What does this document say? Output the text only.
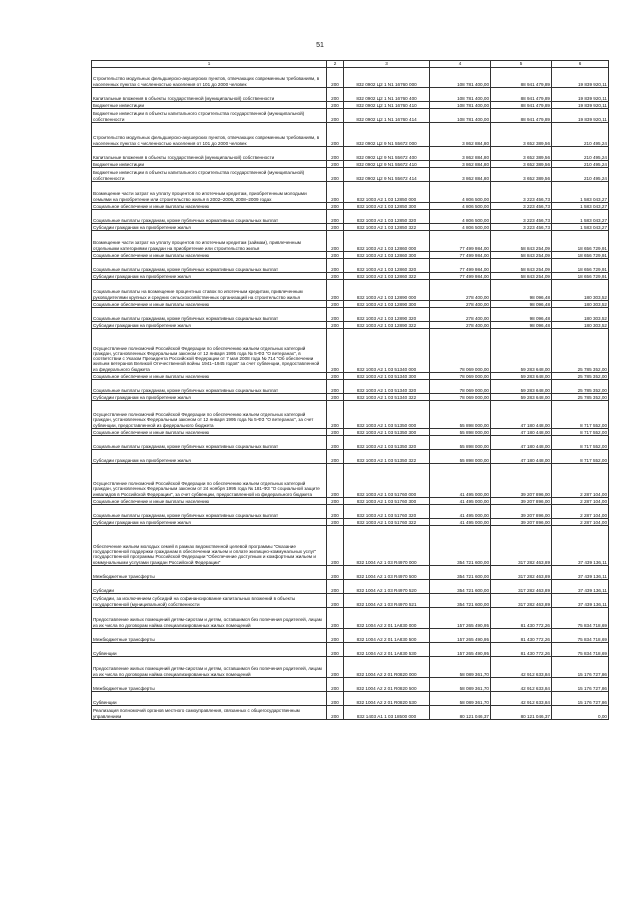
51
1	2	3	4	5	6
Строительство модульных фельдшерско-акушерских пунктов, отвечающих современным требованиям, в населенных пунктах с численностью населения от 101 до 2000 человек	200	832 0902 Ц2 1 N1 16760 000	108 781 400,00	88 941 479,89	19 839 920,11
Капитальные вложения в объекты государственной (муниципальной) собственности	200	832 0902 Ц2 1 N1 16760 400	108 781 400,00	88 941 479,89	19 839 920,11
Бюджетные инвестиции	200	832 0902 Ц2 1 N1 16760 410	108 781 400,00	88 941 479,89	19 839 920,11
Бюджетные инвестиции в объекты капитального строительства государственной (муниципальной) собственности	200	832 0902 Ц2 1 N1 16760 414	108 781 400,00	88 941 479,89	19 839 920,11
Строительство модульных фельдшерско-акушерских пунктов, отвечающих современным требованиям, в населенных пунктах с численностью населения от 101 до 2000 человек	200	832 0902 Ц2 9 N1 55672 000	3 862 884,80	3 652 389,56	210 495,24
Капитальные вложения в объекты государственной (муниципальной) собственности	200	832 0902 Ц2 9 N1 55672 400	3 862 884,80	3 652 389,56	210 495,24
Бюджетные инвестиции	200	832 0902 Ц2 9 N1 55672 410	3 862 884,80	3 652 389,56	210 495,24
Бюджетные инвестиции в объекты капитального строительства государственной (муниципальной) собственности	200	832 0902 Ц2 9 N1 55672 414	3 862 884,80	3 652 389,56	210 495,24
Возмещение части затрат на уплату процентов по ипотечным кредитам, приобретенным молодыми семьями на приобретение или строительство жилья в 2002–2006, 2008–2009 годах	200	832 1003 А2 1 03 12850 000	4 806 500,00	3 223 456,73	1 583 043,27
Социальное обеспечение и иные выплаты населению	200	832 1003 А2 1 03 12850 300	4 806 500,00	3 223 456,73	1 583 043,27
Социальные выплаты гражданам, кроме публичных нормативных социальных выплат	200	832 1003 А2 1 03 12850 320	4 806 500,00	3 223 456,73	1 583 043,27
Субсидии гражданам на приобретение жилья	200	832 1003 А2 1 03 12850 322	4 806 500,00	3 223 456,73	1 583 043,27
Возмещение части затрат на уплату процентов по ипотечным кредитам (займам), привлеченным отдельными категориями граждан на приобретение или строительство жилья	200	832 1003 А2 1 03 12860 000	77 499 984,00	58 843 254,09	18 656 729,91
Социальное обеспечение и иные выплаты населению	200	832 1003 А2 1 03 12860 300	77 499 984,00	58 843 254,09	18 656 729,91
Социальные выплаты гражданам, кроме публичных нормативных социальных выплат	200	832 1003 А2 1 03 12860 320	77 499 984,00	58 843 254,09	18 656 729,91
Субсидии гражданам на приобретение жилья	200	832 1003 А2 1 03 12860 322	77 499 984,00	58 843 254,09	18 656 729,91
Социальные выплаты на возмещение процентных ставок по ипотечным кредитам, привлеченным руководителями крупных и средних сельскохозяйственных организаций на строительство жилья	200	832 1003 А2 1 03 12890 000	278 400,00	98 096,48	180 303,52
Социальное обеспечение и иные выплаты населению	200	832 1003 А2 1 03 12890 300	278 400,00	98 096,48	180 303,52
Социальные выплаты гражданам, кроме публичных нормативных социальных выплат	200	832 1003 А2 1 03 12890 320	278 400,00	98 096,48	180 303,52
Субсидии гражданам на приобретение жилья	200	832 1003 А2 1 03 12890 322	278 400,00	98 096,48	180 303,52
Осуществление полномочий Российской Федерации по обеспечению жильем отдельных категорий граждан, установленных Федеральным законом от 12 января 1995 года № 5-ФЗ "О ветеранах", в соответствии с Указом Президента Российской Федерации от 7 мая 2008 года № 714 "Об обеспечении жильем ветеранов Великой Отечественной войны 1941–1945 годов" за счет субвенции, предоставленной из федерального бюджета	200	832 1003 А2 1 03 51340 000	78 069 000,00	59 283 648,00	25 785 352,00
Социальное обеспечение и иные выплаты населению	200	832 1003 А2 1 03 51340 300	78 069 000,00	59 283 648,00	25 785 352,00
Социальные выплаты гражданам, кроме публичных нормативных социальных выплат	200	832 1003 А2 1 03 51340 320	78 069 000,00	59 283 648,00	25 785 352,00
Субсидии гражданам на приобретение жилья	200	832 1003 А2 1 03 51340 322	78 069 000,00	59 283 648,00	25 785 352,00
Осуществление полномочий Российской Федерации по обеспечению жильем отдельных категорий граждан, установленных Федеральным законом от 12 января 1995 года № 5-ФЗ "О ветеранах", за счет субвенции, предоставленной из федерального бюджета	200	832 1003 А2 1 03 51350 000	55 898 000,00	47 180 448,00	8 717 552,00
Социальное обеспечение и иные выплаты населению	200	832 1003 А2 1 03 51350 300	55 898 000,00	47 180 448,00	8 717 552,00
Социальные выплаты гражданам, кроме публичных нормативных социальных выплат	200	832 1003 А2 1 03 51350 320	55 898 000,00	47 180 448,00	8 717 552,00
Субсидии гражданам на приобретение жилья	200	832 1003 А2 1 03 51350 322	55 898 000,00	47 180 448,00	8 717 552,00
Осуществление полномочий Российской Федерации по обеспечению жильем отдельных категорий граждан, установленных Федеральным законом от 24 ноября 1995 года № 181-ФЗ "О социальной защите инвалидов в Российской Федерации", за счет субвенции, предоставленной из федерального бюджета	200	832 1003 А2 1 03 51760 000	41 495 000,00	39 207 896,00	2 287 104,00
Социальное обеспечение и иные выплаты населению	200	832 1003 А2 1 03 51760 300	41 495 000,00	39 207 896,00	2 287 104,00
Социальные выплаты гражданам, кроме публичных нормативных социальных выплат	200	832 1003 А2 1 03 51760 320	41 495 000,00	39 207 896,00	2 287 104,00
Субсидии гражданам на приобретение жилья	200	832 1003 А2 1 03 51760 322	41 495 000,00	39 207 896,00	2 287 104,00
Обеспечение жильем молодых семей в рамках ведомственной целевой программы "Оказание государственной поддержки гражданам в обеспечении жильем и оплате жилищно-коммунальных услуг" государственной программы Российской Федерации "Обеспечение доступным и комфортным жильем и коммунальными услугами граждан Российской Федерации"	200	832 1004 А2 1 03 R4970 000	354 721 600,00	317 282 463,89	37 439 136,11
Межбюджетные трансферты	200	832 1004 А2 1 03 R4970 500	354 721 600,00	317 282 463,89	37 439 136,11
Субсидии	200	832 1004 А2 1 03 R4970 520	354 721 600,00	317 282 463,89	37 439 136,11
Субсидии, за исключением субсидий на софинансирование капитальных вложений в объекты государственной (муниципальной) собственности	200	832 1004 А2 1 03 R4970 521	354 721 600,00	317 282 463,89	37 439 136,11
Предоставление жилых помещений детям-сиротам и детям, оставшимся без попечения родителей, лицам из их числа по договорам найма специализированных жилых помещений	200	832 1004 А2 2 01 1А830 000	157 265 490,95	81 430 772,26	75 834 718,69
Межбюджетные трансферты	200	832 1004 А2 2 01 1А830 500	157 265 490,95	81 430 772,26	75 834 718,69
Субвенции	200	832 1004 А2 2 01 1А830 530	157 265 490,95	81 430 772,26	75 834 718,69
Предоставление жилых помещений детям-сиротам и детям, оставшимся без попечения родителей, лицам из их числа по договорам найма специализированных жилых помещений	200	832 1004 А2 2 01 R0820 000	58 089 361,70	42 912 633,84	15 176 727,86
Межбюджетные трансферты	200	832 1004 А2 2 01 R0820 500	58 089 361,70	42 912 633,84	15 176 727,86
Субвенции	200	832 1004 А2 2 01 R0820 530	58 089 361,70	42 912 633,84	15 176 727,86
Реализация полномочий органов местного самоуправления, связанных с общегосударственным управлением	200	832 1403 А1 1 03 18500 000	80 121 046,37	80 121 046,37	0,00
